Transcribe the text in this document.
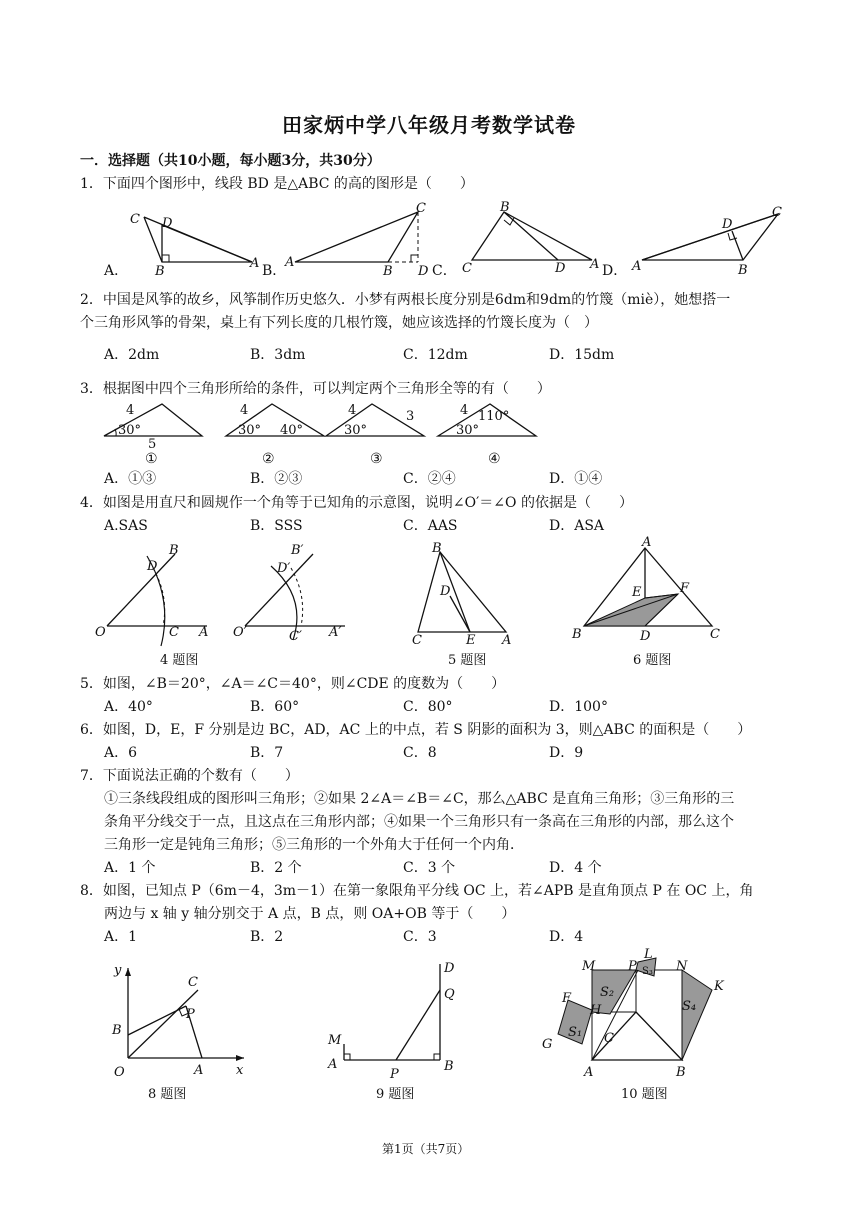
田家炳中学八年级月考数学试卷
一．选择题（共10小题，每小题3分，共30分）
1．下面四个图形中，线段 BD 是△ABC 的高的图形是（　　）
C D
B
A
A．
C
A
B D
B．
B
C	D A
C．
D
C
A	B
D．
2．中国是风筝的故乡，风筝制作历史悠久．小梦有两根长度分别是6dm和9dm的竹篾（miè），她想搭一
个三角形风筝的骨架，桌上有下列长度的几根竹篾，她应该选择的竹篾长度为（　）
A．2dm	B．3dm	C．12dm	D．15dm
3．根据图中四个三角形所给的条件，可以判定两个三角形全等的有（　　）
4
30°
5
4
30° 40°
4
30°
3	4
30°
110°
①	②	③	④
A．①③	B．②③	C．②④	D．①④
4．如图是用直尺和圆规作一个角等于已知角的示意图，说明∠O′＝∠O 的依据是（　　）
A.SAS	B．SSS	C．AAS	D．ASA
O	C A
D
B
O′	C′ A′
D′
B′
4 题图
B
D
C	E A
5 题图
A
E	F
B	D	C
6 题图
5．如图，∠B＝20°，∠A＝∠C＝40°，则∠CDE 的度数为（　　）
A．40°	B．60°	C．80°	D．100°
6．如图，D，E，F 分别是边 BC，AD，AC 上的中点，若 S 阴影的面积为 3，则△ABC 的面积是（　　）
A．6	B．7	C．8	D．9
7．下面说法正确的个数有（　　）
①三条线段组成的图形叫三角形；②如果 2∠A＝∠B＝∠C，那么△ABC 是直角三角形；③三角形的三
条角平分线交于一点，且这点在三角形内部；④如果一个三角形只有一条高在三角形的内部，那么这个
三角形一定是钝角三角形；⑤三角形的一个外角大于任何一个内角．
A．1 个	B．2 个	C．3 个	D．4 个
8．如图，已知点 P（6m－4，3m－1）在第一象限角平分线 OC 上，若∠APB 是直角顶点 P 在 OC 上，角
两边与 x 轴 y 轴分别交于 A 点，B 点，则 OA+OB 等于（　　）
A．1	B．2	C．3	D．4
y
C
P
B
O	A	x
8 题图
D
Q
M
A
P
B
9 题图
L
M	P S₃ N
K
F S₂
H	S₄
S₁
G	C
A	B
10 题图
第1页（共7页）
